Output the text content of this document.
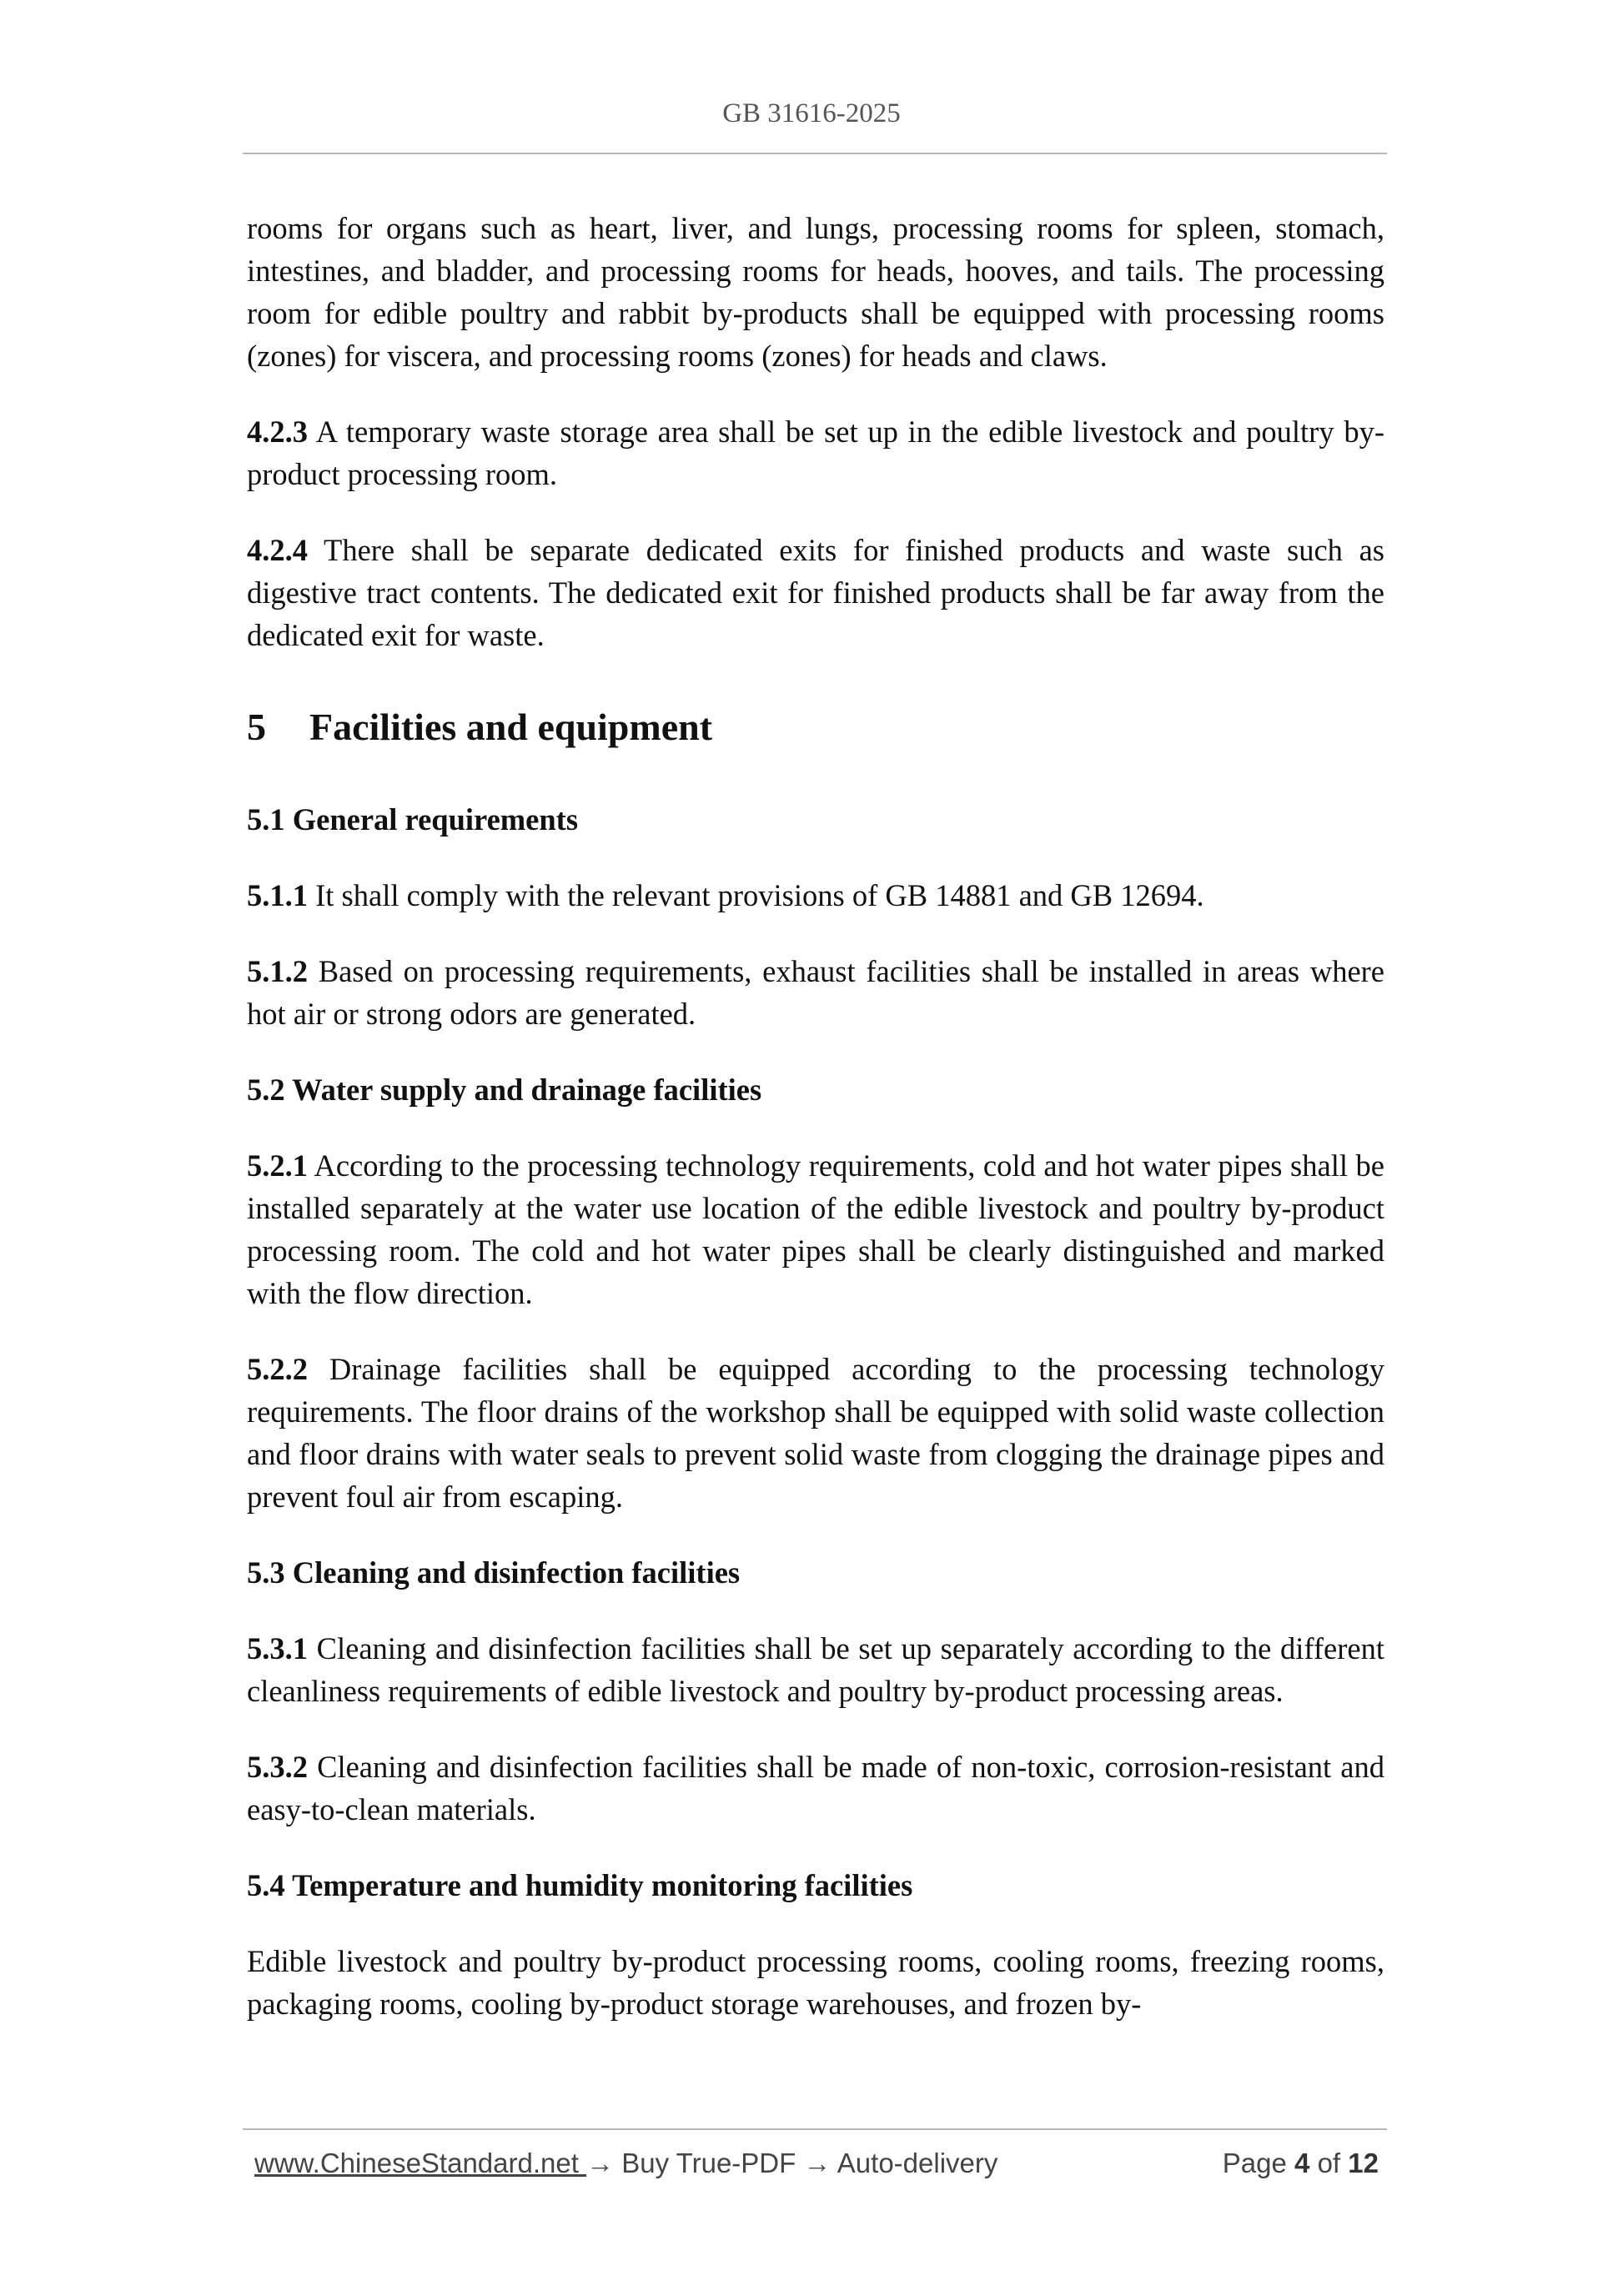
GB 31616-2025

rooms for organs such as heart, liver, and lungs, processing rooms for spleen, stomach, intestines, and bladder, and processing rooms for heads, hooves, and tails. The processing room for edible poultry and rabbit by-products shall be equipped with processing rooms (zones) for viscera, and processing rooms (zones) for heads and claws.

4.2.3 A temporary waste storage area shall be set up in the edible livestock and poultry by-product processing room.

4.2.4 There shall be separate dedicated exits for finished products and waste such as digestive tract contents. The dedicated exit for finished products shall be far away from the dedicated exit for waste.

5 Facilities and equipment
5.1 General requirements

5.1.1 It shall comply with the relevant provisions of GB 14881 and GB 12694.

5.1.2 Based on processing requirements, exhaust facilities shall be installed in areas where hot air or strong odors are generated.

5.2 Water supply and drainage facilities

5.2.1 According to the processing technology requirements, cold and hot water pipes shall be installed separately at the water use location of the edible livestock and poultry by-product processing room. The cold and hot water pipes shall be clearly distinguished and marked with the flow direction.

5.2.2 Drainage facilities shall be equipped according to the processing technology requirements. The floor drains of the workshop shall be equipped with solid waste collection and floor drains with water seals to prevent solid waste from clogging the drainage pipes and prevent foul air from escaping.

5.3 Cleaning and disinfection facilities

5.3.1 Cleaning and disinfection facilities shall be set up separately according to the different cleanliness requirements of edible livestock and poultry by-product processing areas.

5.3.2 Cleaning and disinfection facilities shall be made of non-toxic, corrosion-resistant and easy-to-clean materials.

5.4 Temperature and humidity monitoring facilities

Edible livestock and poultry by-product processing rooms, cooling rooms, freezing rooms, packaging rooms, cooling by-product storage warehouses, and frozen by-

www.ChineseStandard.net → Buy True-PDF → Auto-delivery	Page 4 of 12
